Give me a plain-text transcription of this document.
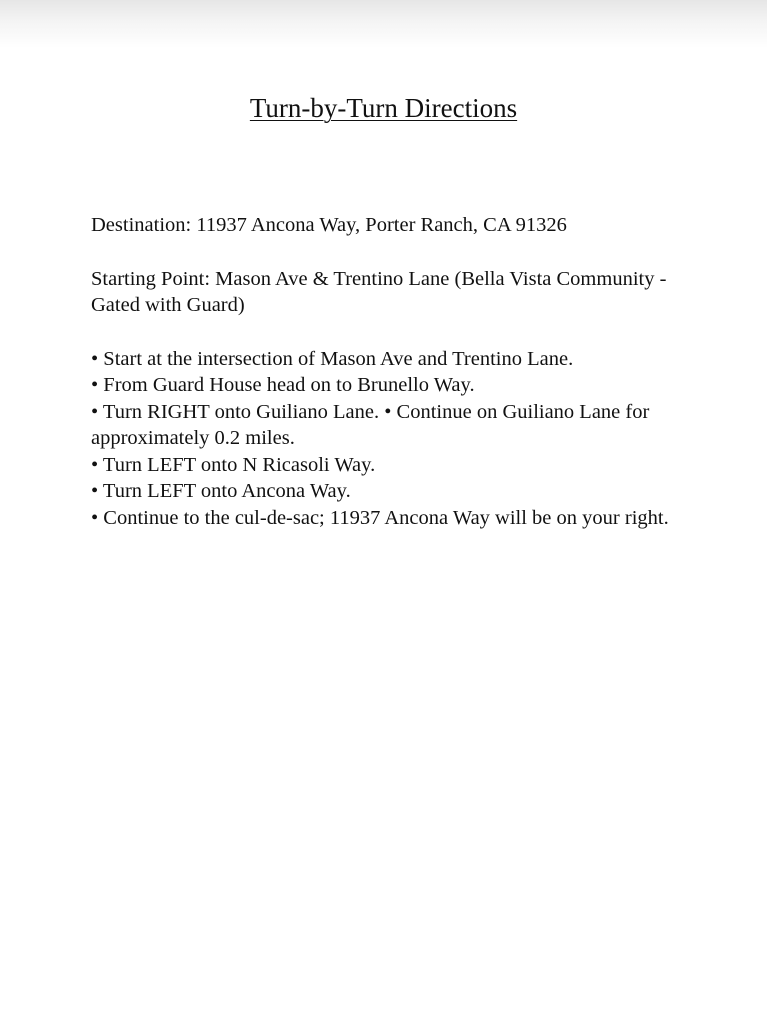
Turn-by-Turn Directions

Destination: 11937 Ancona Way, Porter Ranch, CA 91326

Starting Point: Mason Ave & Trentino Lane (Bella Vista Community - Gated with Guard)

• Start at the intersection of Mason Ave and Trentino Lane.
• From Guard House head on to Brunello Way.
• Turn RIGHT onto Guiliano Lane. • Continue on Guiliano Lane for approximately 0.2 miles.
• Turn LEFT onto N Ricasoli Way.
• Turn LEFT onto Ancona Way.
• Continue to the cul-de-sac; 11937 Ancona Way will be on your right.
